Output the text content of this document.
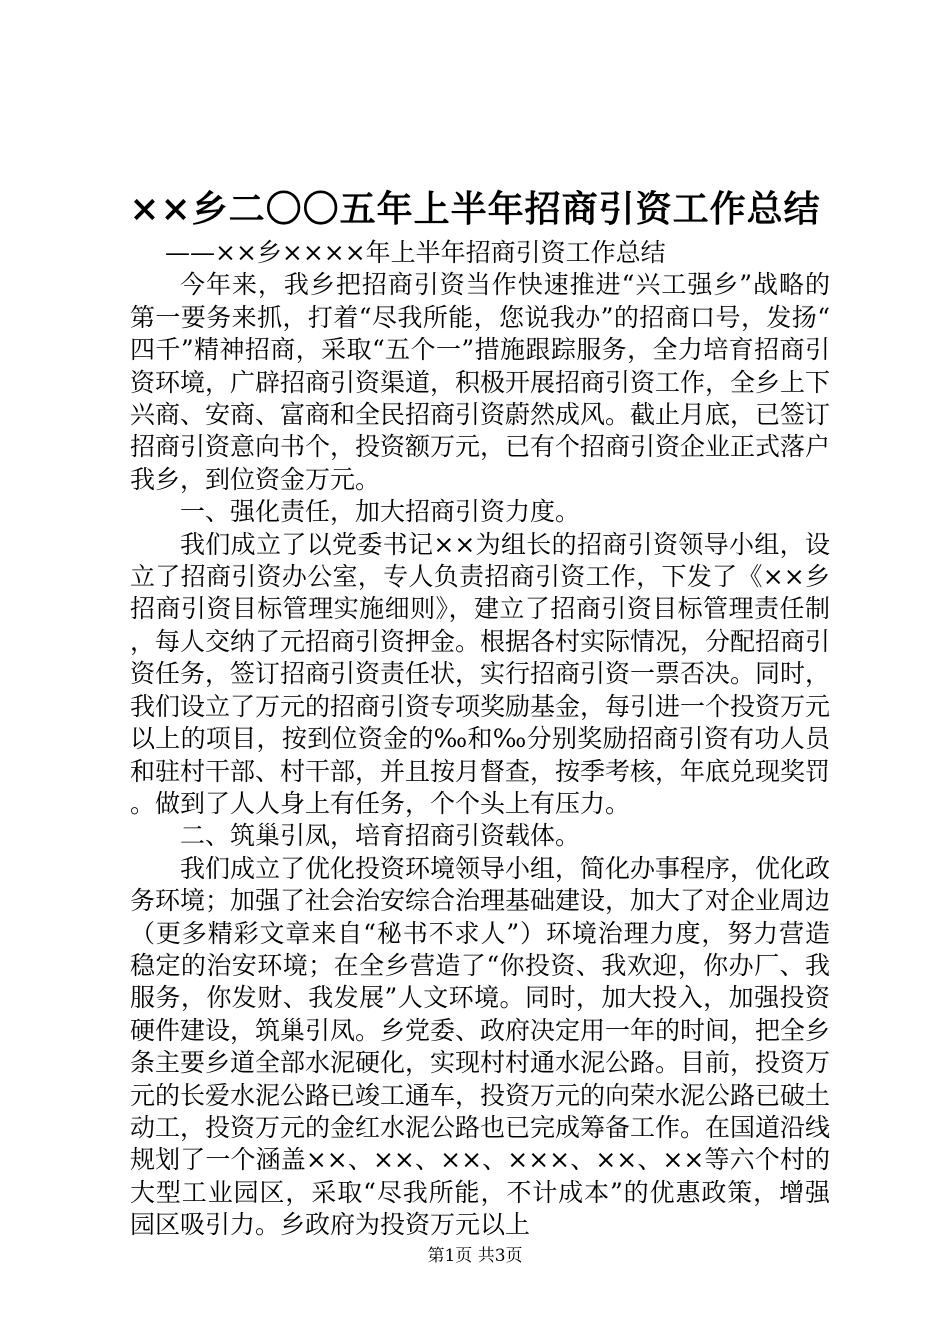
××乡二〇〇五年上半年招商引资工作总结

——××乡××××年上半年招商引资工作总结

今年来，我乡把招商引资当作快速推进“兴工强乡”战略的第一要务来抓，打着“尽我所能，您说我办”的招商口号，发扬“四千”精神招商，采取“五个一”措施跟踪服务，全力培育招商引资环境，广辟招商引资渠道，积极开展招商引资工作，全乡上下兴商、安商、富商和全民招商引资蔚然成风。截止月底，已签订招商引资意向书个，投资额万元，已有个招商引资企业正式落户我乡，到位资金万元。

一、强化责任，加大招商引资力度。

我们成立了以党委书记××为组长的招商引资领导小组，设立了招商引资办公室，专人负责招商引资工作，下发了《××乡招商引资目标管理实施细则》，建立了招商引资目标管理责任制，每人交纳了元招商引资押金。根据各村实际情况，分配招商引资任务，签订招商引资责任状，实行招商引资一票否决。同时，我们设立了万元的招商引资专项奖励基金，每引进一个投资万元以上的项目，按到位资金的‰和‰分别奖励招商引资有功人员和驻村干部、村干部，并且按月督查，按季考核，年底兑现奖罚。做到了人人身上有任务，个个头上有压力。

二、筑巢引凤，培育招商引资载体。

我们成立了优化投资环境领导小组，简化办事程序，优化政务环境；加强了社会治安综合治理基础建设，加大了对企业周边（更多精彩文章来自“秘书不求人”）环境治理力度，努力营造稳定的治安环境；在全乡营造了“你投资、我欢迎，你办厂、我服务，你发财、我发展”人文环境。同时，加大投入，加强投资硬件建设，筑巢引凤。乡党委、政府决定用一年的时间，把全乡条主要乡道全部水泥硬化，实现村村通水泥公路。目前，投资万元的长爱水泥公路已竣工通车，投资万元的向荣水泥公路已破土动工，投资万元的金红水泥公路也已完成筹备工作。在国道沿线规划了一个涵盖××、××、××、×××、××、××等六个村的大型工业园区，采取“尽我所能，不计成本”的优惠政策，增强园区吸引力。乡政府为投资万元以上

第1页 共3页
